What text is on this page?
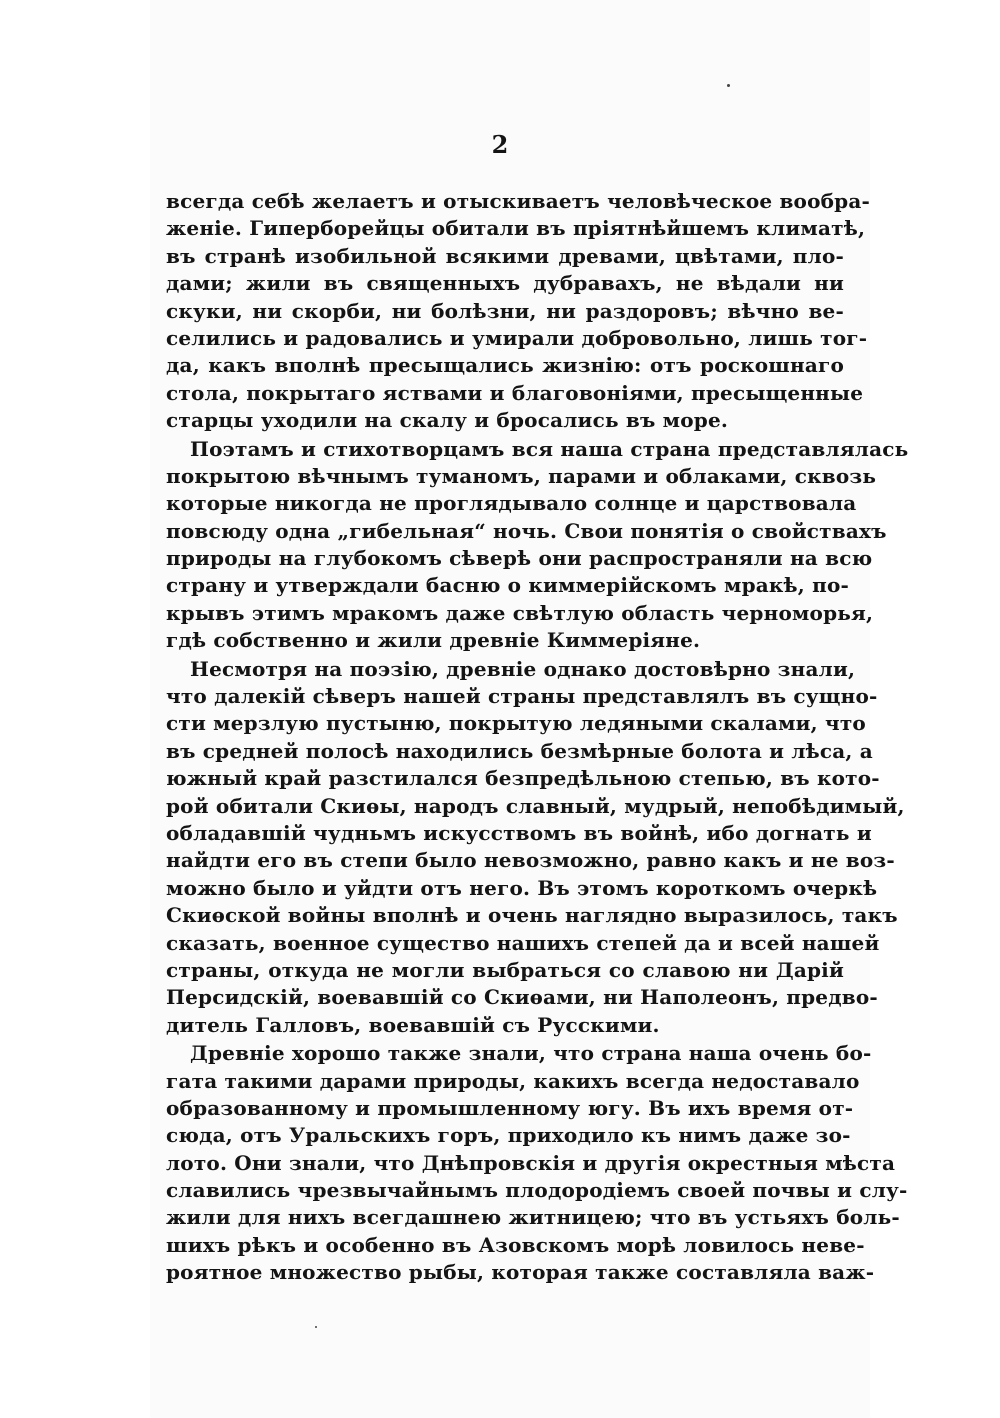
2
всегда себѣ желаетъ и отыскиваетъ человѣческое вообра-
женіе. Гиперборейцы обитали въ пріятнѣйшемъ климатѣ,
въ странѣ изобильной всякими древами, цвѣтами, пло-
дами; жили въ священныхъ дубравахъ, не вѣдали ни
скуки, ни скорби, ни болѣзни, ни раздоровъ; вѣчно ве-
селились и радовались и умирали добровольно, лишь тог-
да, какъ вполнѣ пресыщались жизнію: отъ роскошнаго
стола, покрытаго яствами и благовоніями, пресыщенные
старцы уходили на скалу и бросались въ море.
Поэтамъ и стихотворцамъ вся наша страна представлялась
покрытою вѣчнымъ туманомъ, парами и облаками, сквозь
которые никогда не проглядывало солнце и царствовала
повсюду одна „гибельная“ ночь. Свои понятія о свойствахъ
природы на глубокомъ сѣверѣ они распространяли на всю
страну и утверждали басню о киммерійскомъ мракѣ, по-
крывъ этимъ мракомъ даже свѣтлую область черноморья,
гдѣ собственно и жили древніе Киммеріяне.
Несмотря на поэзію, древніе однако достовѣрно знали,
что далекій сѣверъ нашей страны представлялъ въ сущно-
сти мерзлую пустыню, покрытую ледяными скалами, что
въ средней полосѣ находились безмѣрные болота и лѣса, а
южный край разстилался безпредѣльною степью, въ кото-
рой обитали Скиѳы, народъ славный, мудрый, непобѣдимый,
обладавшій чудньмъ искусствомъ въ войнѣ, ибо догнать и
найдти его въ степи было невозможно, равно какъ и не воз-
можно было и уйдти отъ него. Въ этомъ короткомъ очеркѣ
Скиѳской войны вполнѣ и очень наглядно выразилось, такъ
сказать, военное существо нашихъ степей да и всей нашей
страны, откуда не могли выбраться со славою ни Дарій
Персидскій, воевавшій со Скиѳами, ни Наполеонъ, предво-
дитель Галловъ, воевавшій съ Русскими.
Древніе хорошо также знали, что страна наша очень бо-
гата такими дарами природы, какихъ всегда недоставало
образованному и промышленному югу. Въ ихъ время от-
сюда, отъ Уральскихъ горъ, приходило къ нимъ даже зо-
лото. Они знали, что Днѣпровскія и другія окрестныя мѣста
славились чрезвычайнымъ плодородіемъ своей почвы и слу-
жили для нихъ всегдашнею житницею; что въ устьяхъ боль-
шихъ рѣкъ и особенно въ Азовскомъ морѣ ловилось неве-
роятное множество рыбы, которая также составляла важ-
